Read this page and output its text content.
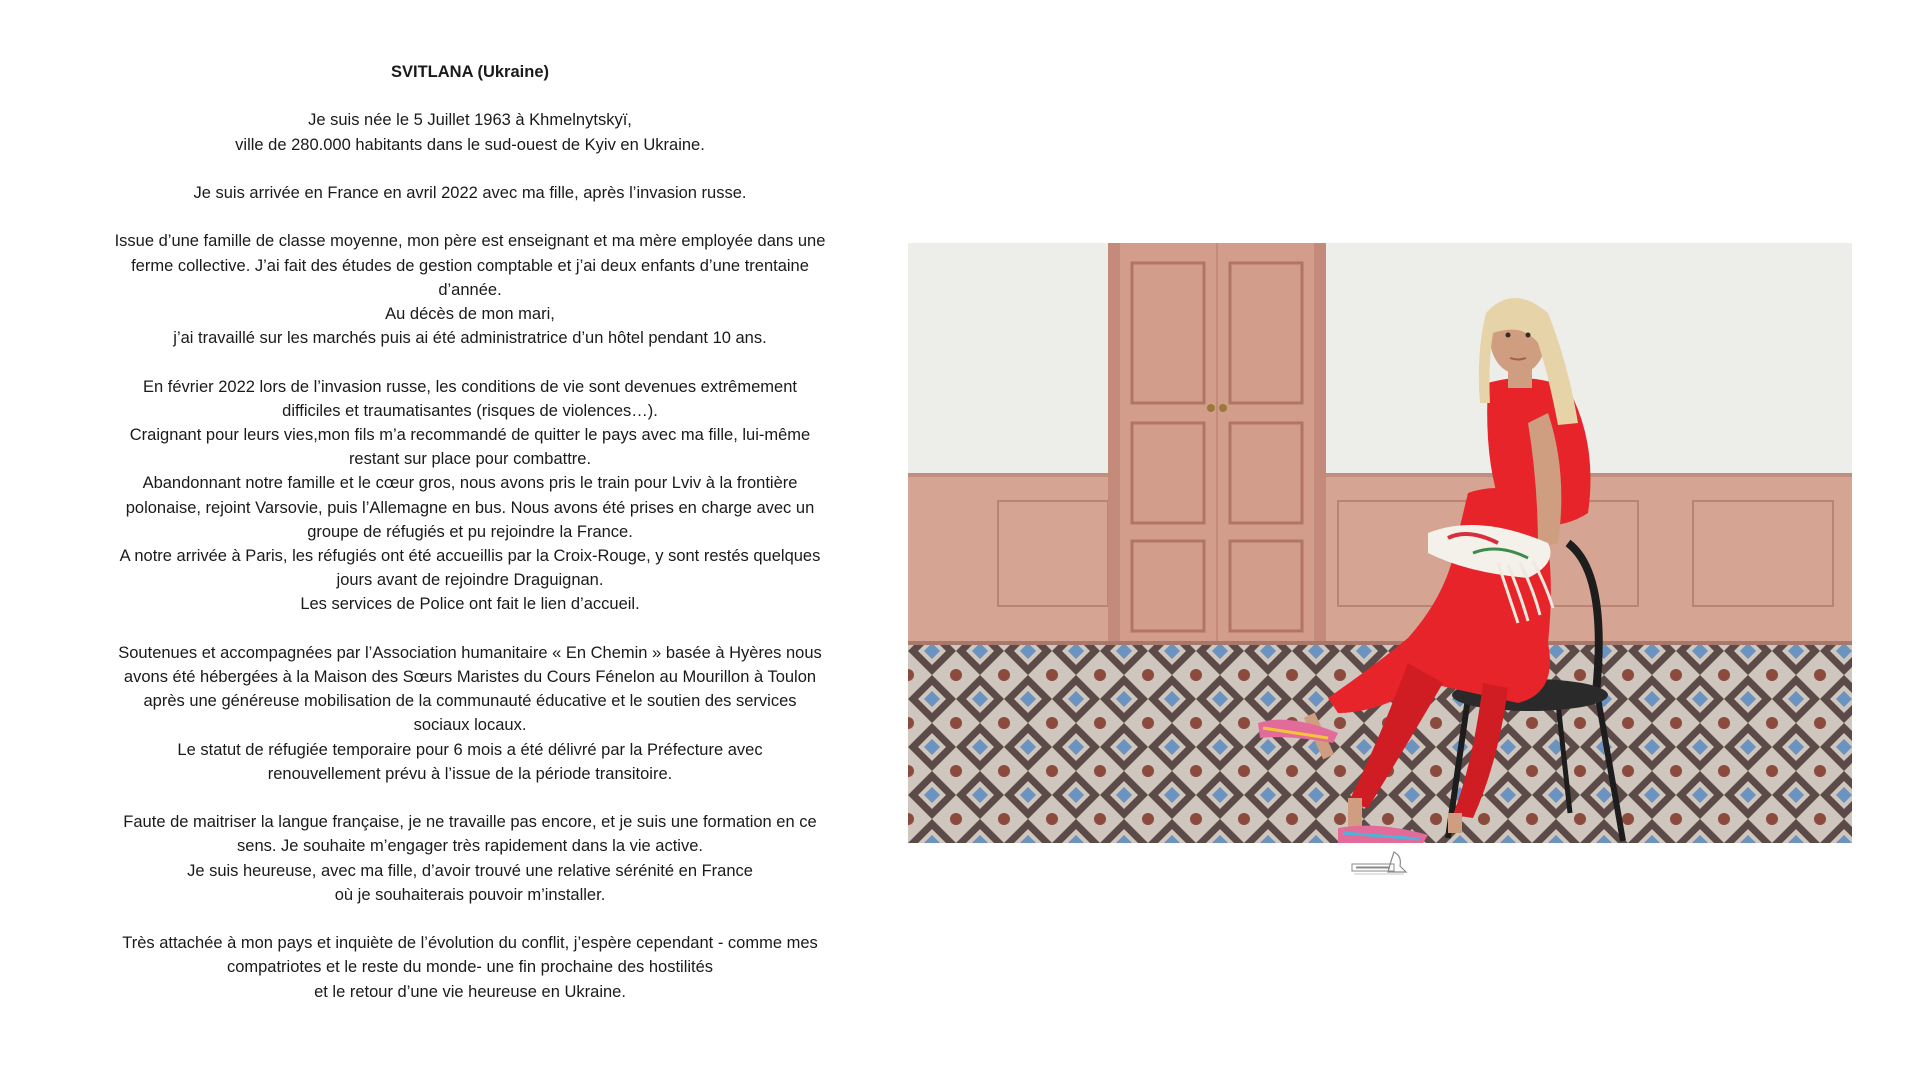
SVITLANA (Ukraine)

Je suis née le 5 Juillet 1963 à Khmelnytskyï,
ville de 280.000 habitants dans le sud-ouest de Kyiv en Ukraine.

Je suis arrivée en France en avril 2022 avec ma fille, après l’invasion russe.

Issue d’une famille de classe moyenne, mon père est enseignant et ma mère employée dans une
ferme collective. J’ai fait des études de gestion comptable et j’ai deux enfants d’une trentaine
d’année.
Au décès de mon mari,
j’ai travaillé sur les marchés puis ai été administratrice d’un hôtel pendant 10 ans.

En février 2022 lors de l’invasion russe, les conditions de vie sont devenues extrêmement
difficiles et traumatisantes (risques de violences…).
Craignant pour leurs vies,mon fils m’a recommandé de quitter le pays avec ma fille, lui-même
restant sur place pour combattre.
Abandonnant notre famille et le cœur gros, nous avons pris le train pour Lviv à la frontière
polonaise, rejoint Varsovie, puis l’Allemagne en bus. Nous avons été prises en charge avec un
groupe de réfugiés et pu rejoindre la France.
A notre arrivée à Paris, les réfugiés ont été accueillis par la Croix-Rouge, y sont restés quelques
jours avant de rejoindre Draguignan.
Les services de Police ont fait le lien d’accueil.

Soutenues et accompagnées par l’Association humanitaire « En Chemin » basée à Hyères nous
avons été hébergées à la Maison des Sœurs Maristes du Cours Fénelon au Mourillon à Toulon
après une généreuse mobilisation de la communauté éducative et le soutien des services
sociaux locaux.
Le statut de réfugiée temporaire pour 6 mois a été délivré par la Préfecture avec
renouvellement prévu à l’issue de la période transitoire.

Faute de maitriser la langue française, je ne travaille pas encore, et je suis une formation en ce
sens. Je souhaite m’engager très rapidement dans la vie active.
Je suis heureuse, avec ma fille, d’avoir trouvé une relative sérénité en France
où je souhaiterais pouvoir m’installer.

Très attachée à mon pays et inquiète de l’évolution du conflit, j’espère cependant - comme mes
compatriotes et le reste du monde- une fin prochaine des hostilités
et le retour d’une vie heureuse en Ukraine.
